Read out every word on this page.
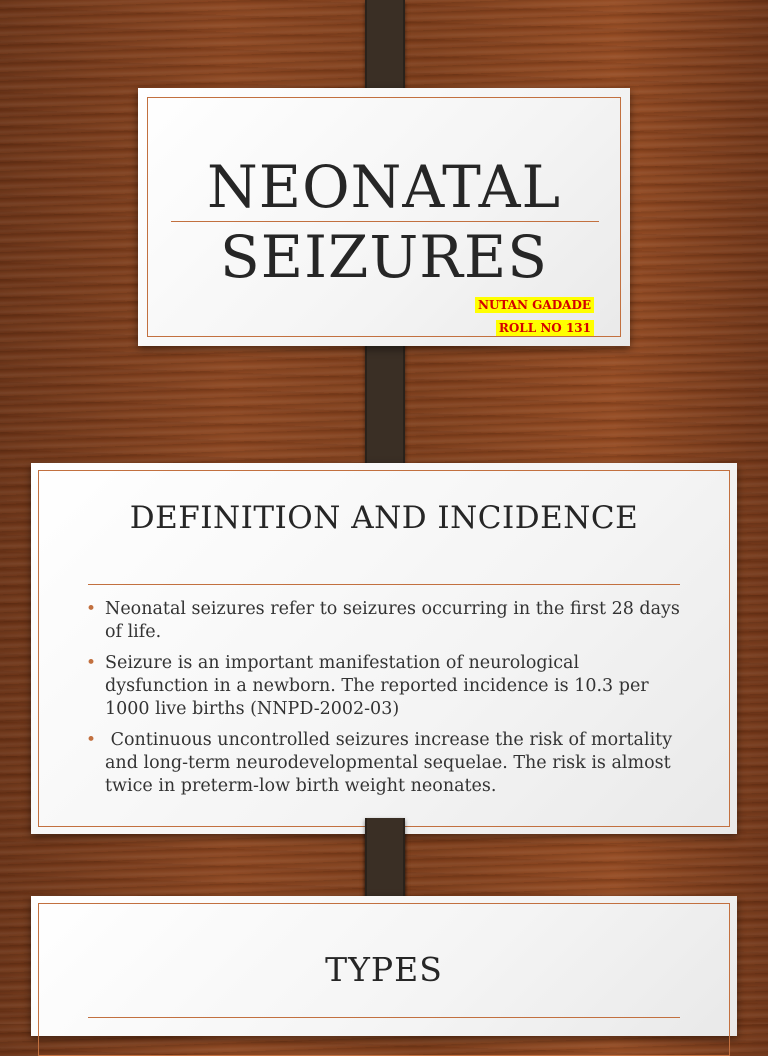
NEONATAL
SEIZURES
NUTAN GADADE
ROLL NO 131
DEFINITION AND INCIDENCE
• Neonatal seizures refer to seizures occurring in the first 28 days of life.
• Seizure is an important manifestation of neurological dysfunction in a newborn. The reported incidence is 10.3 per 1000 live births (NNPD-2002-03)
• Continuous uncontrolled seizures increase the risk of mortality and long-term neurodevelopmental sequelae. The risk is almost twice in preterm-low birth weight neonates.
TYPES
